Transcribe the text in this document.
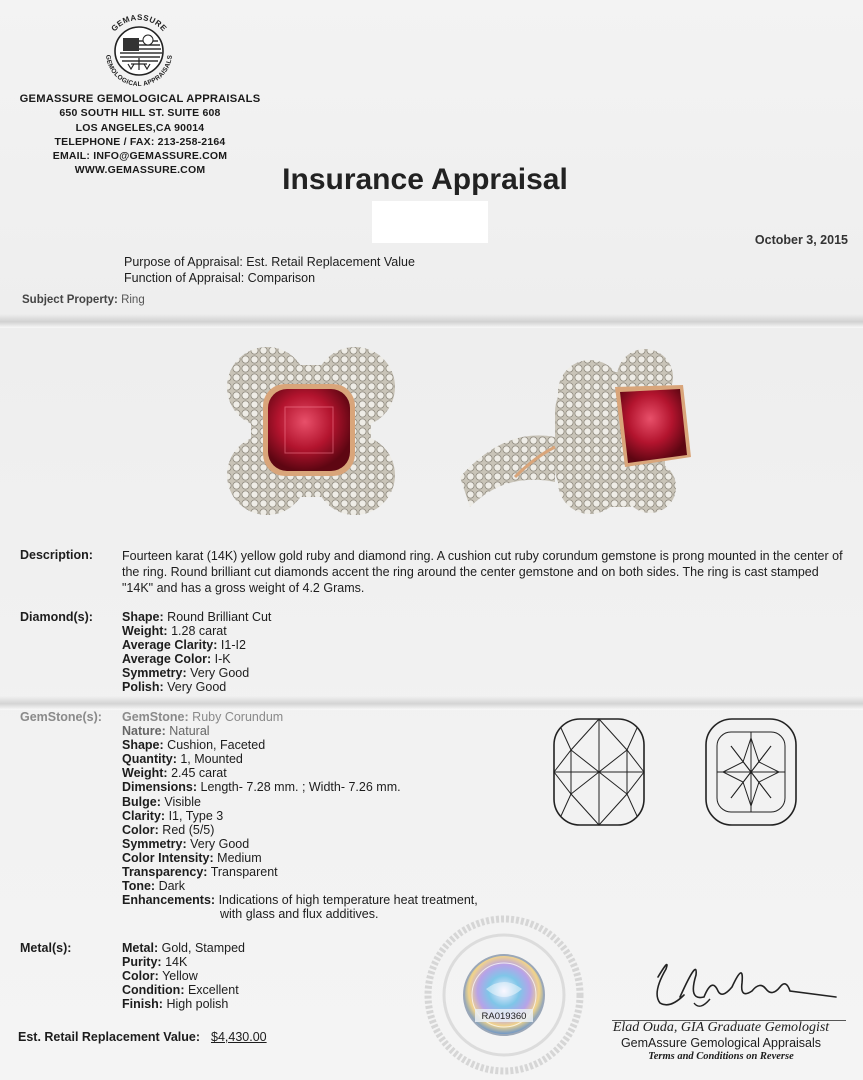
GEMASSURE
GEMOLOGICAL APPRAISALS
GEMASSURE GEMOLOGICAL APPRAISALS
650 SOUTH HILL ST. SUITE 608
LOS ANGELES,CA 90014
TELEPHONE / FAX: 213-258-2164
EMAIL: INFO@GEMASSURE.COM
WWW.GEMASSURE.COM	Insurance Appraisal
October 3, 2015
Purpose of Appraisal: Est. Retail Replacement Value
Function of Appraisal: Comparison
Subject Property: Ring
Description: Fourteen karat (14K) yellow gold ruby and diamond ring. A cushion cut ruby corundum gemstone is prong mounted in the center of the ring. Round brilliant cut diamonds accent the ring around the center gemstone and on both sides. The ring is cast stamped "14K" and has a gross weight of 4.2 Grams.
Diamond(s): Shape: Round Brilliant Cut
Weight: 1.28 carat
Average Clarity: I1-I2
Average Color: I-K
Symmetry: Very Good
Polish: Very Good
GemStone(s): GemStone: Ruby Corundum
Nature: Natural
Shape: Cushion, Faceted
Quantity: 1, Mounted
Weight: 2.45 carat
Dimensions: Length- 7.28 mm. ; Width- 7.26 mm.
Bulge: Visible
Clarity: I1, Type 3
Color: Red (5/5)
Symmetry: Very Good
Color Intensity: Medium
Transparency: Transparent
Tone: Dark
Enhancements: Indications of high temperature heat treatment,
with glass and flux additives.
Metal(s):	Metal: Gold, Stamped
Purity: 14K
Color: Yellow
Condition: Excellent
Finish: High polish
RA019360
Elad Ouda, GIA Graduate Gemologist
GemAssure Gemological Appraisals
Terms and Conditions on Reverse
Est. Retail Replacement Value: $4,430.00
